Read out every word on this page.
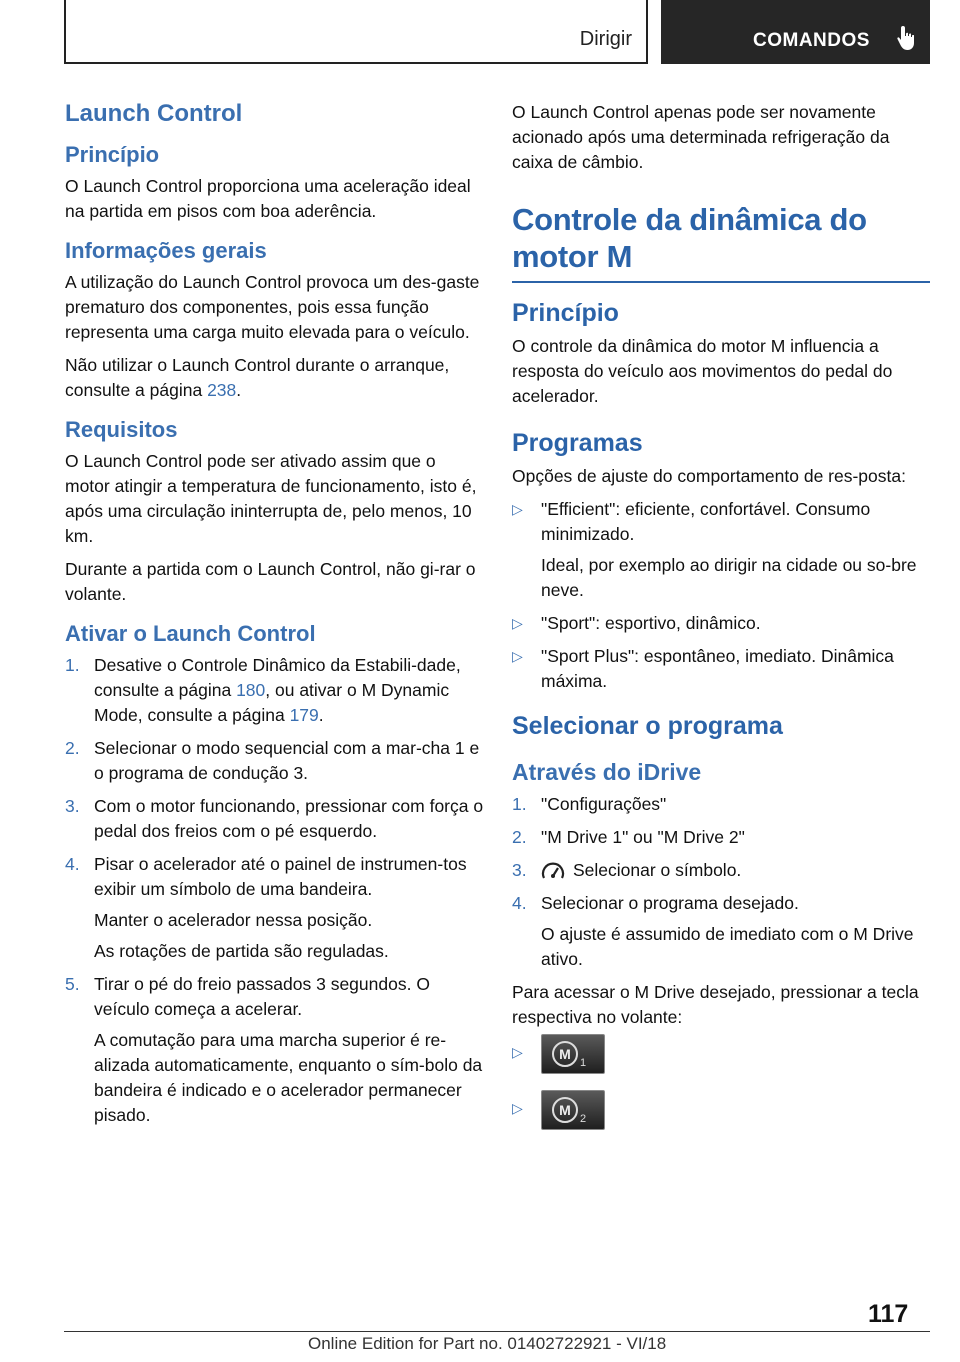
Dirigir	COMANDOS
Launch Control
Princípio

O Launch Control proporciona uma aceleração ideal na partida em pisos com boa aderência.

Informações gerais

A utilização do Launch Control provoca um des‐gaste prematuro dos componentes, pois essa função representa uma carga muito elevada para o veículo.

Não utilizar o Launch Control durante o arranque, consulte a página 238.

Requisitos

O Launch Control pode ser ativado assim que o motor atingir a temperatura de funcionamento, isto é, após uma circulação ininterrupta de, pelo menos, 10 km.

Durante a partida com o Launch Control, não gi‐rar o volante.

Ativar o Launch Control
1. Desative o Controle Dinâmico da Estabili‐dade, consulte a página 180, ou ativar o M Dynamic Mode, consulte a página 179.
2. Selecionar o modo sequencial com a mar‐cha 1 e o programa de condução 3.
3. Com o motor funcionando, pressionar com força o pedal dos freios com o pé esquerdo.
4. Pisar o acelerador até o painel de instrumen‐tos exibir um símbolo de uma bandeira.
Manter o acelerador nessa posição.
As rotações de partida são reguladas.
5. Tirar o pé do freio passados 3 segundos. O veículo começa a acelerar.
A comutação para uma marcha superior é re‐alizada automaticamente, enquanto o sím‐bolo da bandeira é indicado e o acelerador permanecer pisado.

O Launch Control apenas pode ser novamente acionado após uma determinada refrigeração da caixa de câmbio.

Controle da dinâmica do motor M
Princípio

O controle da dinâmica do motor M influencia a resposta do veículo aos movimentos do pedal do acelerador.

Programas

Opções de ajuste do comportamento de res‐posta:

▷ "Efficient": eficiente, confortável. Consumo minimizado.
Ideal, por exemplo ao dirigir na cidade ou so‐bre neve.
▷ "Sport": esportivo, dinâmico.
▷ "Sport Plus": espontâneo, imediato. Dinâmica máxima.
Selecionar o programa
Através do iDrive
1. "Configurações"
2. "M Drive 1" ou "M Drive 2"
3.	Selecionar o símbolo.
4. Selecionar o programa desejado.
O ajuste é assumido de imediato com o M Drive ativo.

Para acessar o M Drive desejado, pressionar a tecla respectiva no volante:

▷	M
1
▷	M
2
117
Online Edition for Part no. 01402722921 - VI/18
